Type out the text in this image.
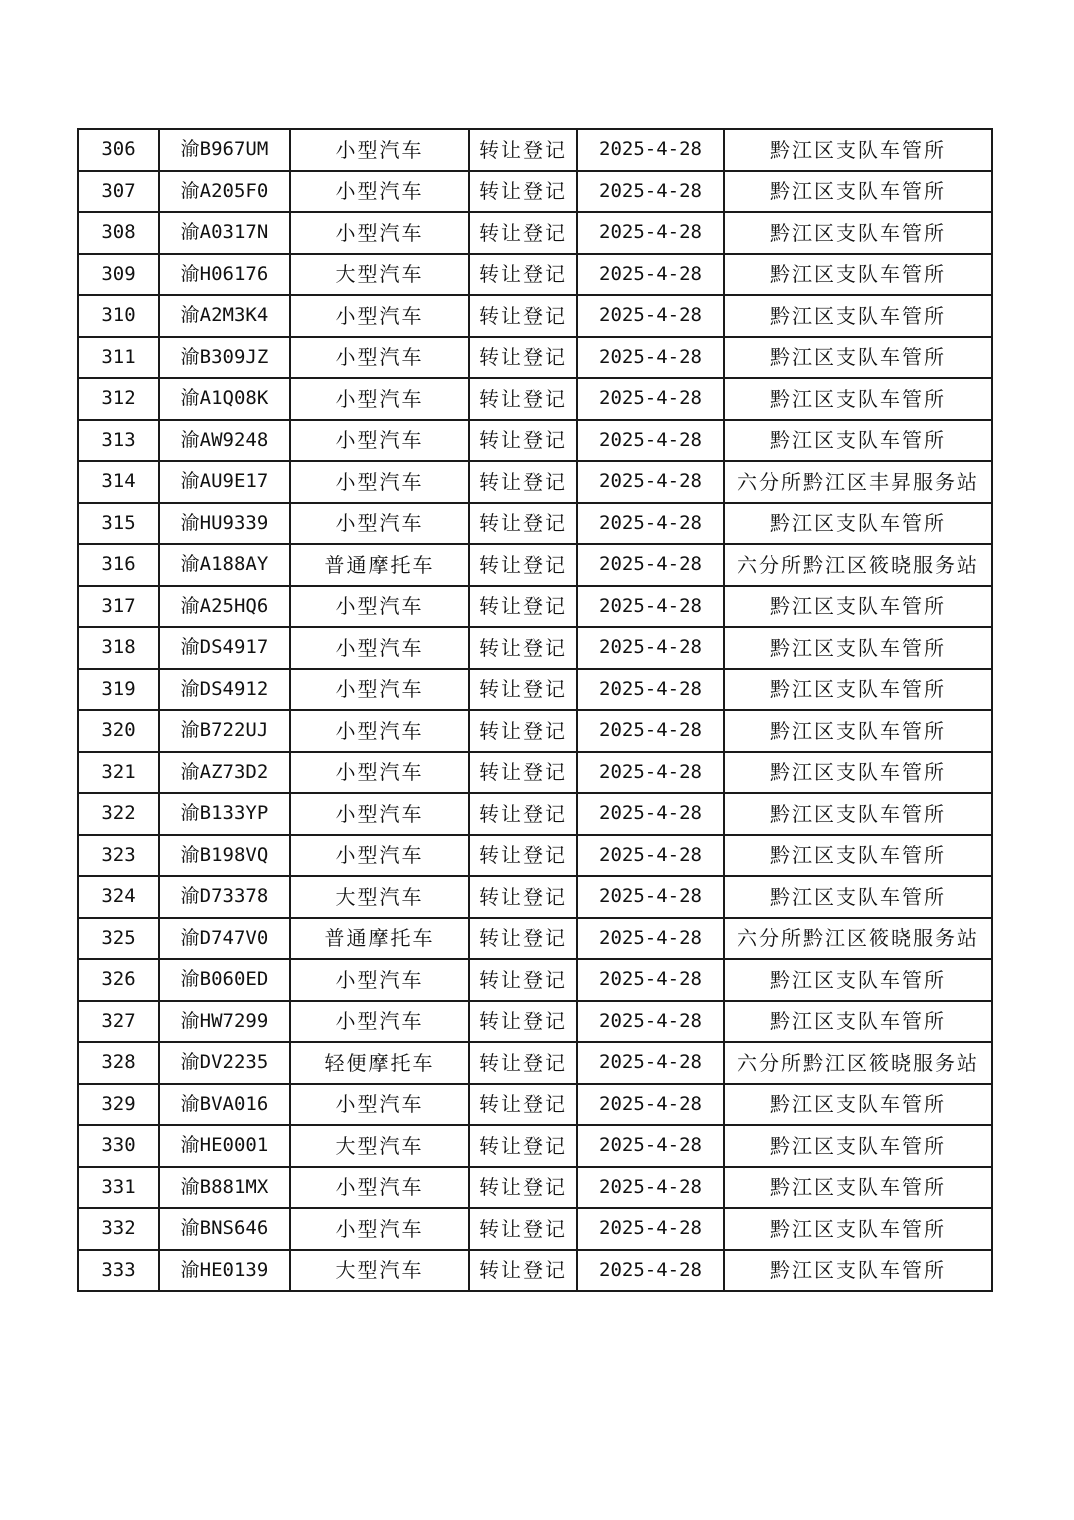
306	渝B967UM	小型汽车	转让登记	2025-4-28	黔江区支队车管所
307	渝A205F0	小型汽车	转让登记	2025-4-28	黔江区支队车管所
308	渝A0317N	小型汽车	转让登记	2025-4-28	黔江区支队车管所
309	渝H06176	大型汽车	转让登记	2025-4-28	黔江区支队车管所
310	渝A2M3K4	小型汽车	转让登记	2025-4-28	黔江区支队车管所
311	渝B309JZ	小型汽车	转让登记	2025-4-28	黔江区支队车管所
312	渝A1Q08K	小型汽车	转让登记	2025-4-28	黔江区支队车管所
313	渝AW9248	小型汽车	转让登记	2025-4-28	黔江区支队车管所
314	渝AU9E17	小型汽车	转让登记	2025-4-28	六分所黔江区丰昇服务站
315	渝HU9339	小型汽车	转让登记	2025-4-28	黔江区支队车管所
316	渝A188AY	普通摩托车	转让登记	2025-4-28	六分所黔江区筱晓服务站
317	渝A25HQ6	小型汽车	转让登记	2025-4-28	黔江区支队车管所
318	渝DS4917	小型汽车	转让登记	2025-4-28	黔江区支队车管所
319	渝DS4912	小型汽车	转让登记	2025-4-28	黔江区支队车管所
320	渝B722UJ	小型汽车	转让登记	2025-4-28	黔江区支队车管所
321	渝AZ73D2	小型汽车	转让登记	2025-4-28	黔江区支队车管所
322	渝B133YP	小型汽车	转让登记	2025-4-28	黔江区支队车管所
323	渝B198VQ	小型汽车	转让登记	2025-4-28	黔江区支队车管所
324	渝D73378	大型汽车	转让登记	2025-4-28	黔江区支队车管所
325	渝D747V0	普通摩托车	转让登记	2025-4-28	六分所黔江区筱晓服务站
326	渝B060ED	小型汽车	转让登记	2025-4-28	黔江区支队车管所
327	渝HW7299	小型汽车	转让登记	2025-4-28	黔江区支队车管所
328	渝DV2235	轻便摩托车	转让登记	2025-4-28	六分所黔江区筱晓服务站
329	渝BVA016	小型汽车	转让登记	2025-4-28	黔江区支队车管所
330	渝HE0001	大型汽车	转让登记	2025-4-28	黔江区支队车管所
331	渝B881MX	小型汽车	转让登记	2025-4-28	黔江区支队车管所
332	渝BNS646	小型汽车	转让登记	2025-4-28	黔江区支队车管所
333	渝HE0139	大型汽车	转让登记	2025-4-28	黔江区支队车管所
